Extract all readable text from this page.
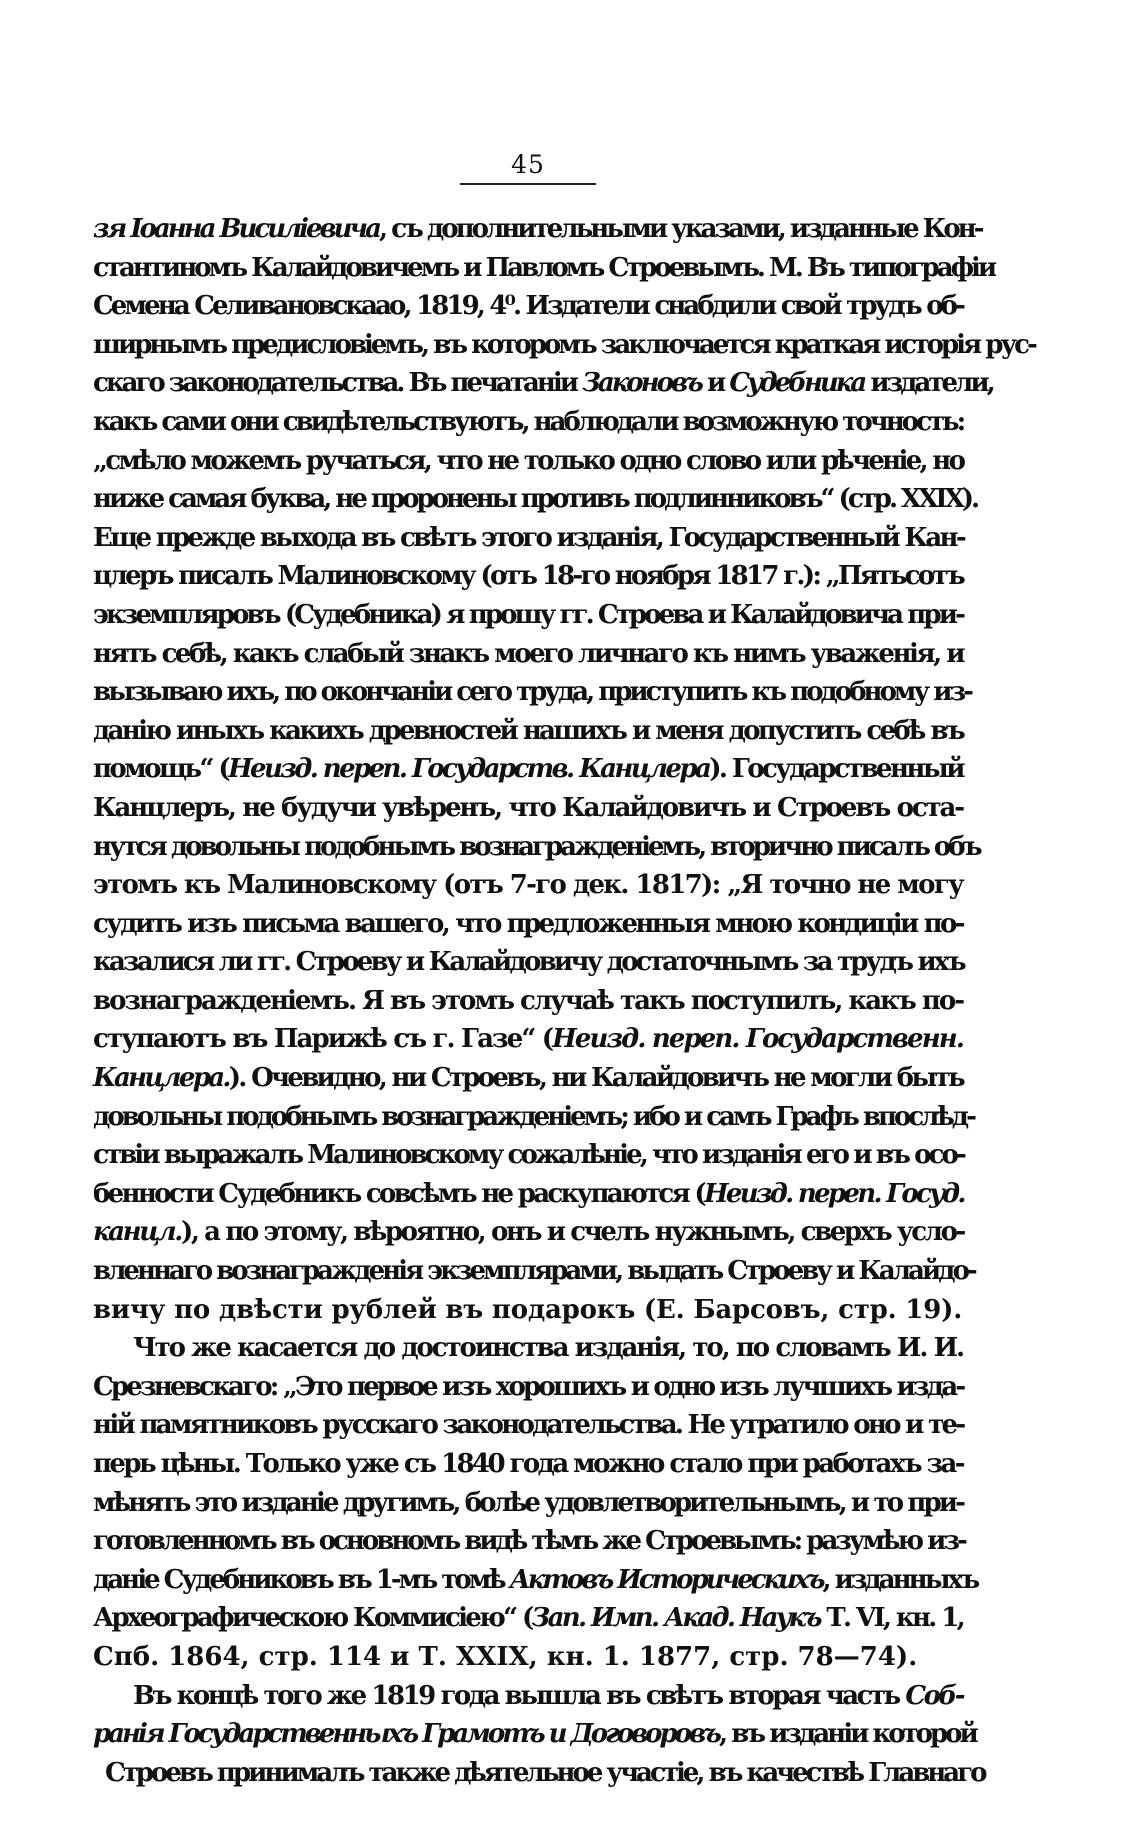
45
зя Іоанна Висиліевича, съ дополнительными указами, изданные Кон-
стантиномъ Калайдовичемъ и Павломъ Строевымъ. М. Въ типографіи
Семена Селивановскаао, 1819, 4⁰. Издатели снабдили свой трудъ об-
ширнымъ предисловіемъ, въ которомъ заключается краткая исторія рус-
скаго законодательства. Въ печатаніи Законовъ и Судебника издатели,
какъ сами они свидѣтельствуютъ, наблюдали возможную точность:
„смѣло можемъ ручаться, что не только одно слово или рѣченіе, но
ниже самая буква, не проронены противъ подлинниковъ“ (стр. XXIX).
Еще прежде выхода въ свѣтъ этого изданія, Государственный Кан-
цлеръ писалъ Малиновскому (отъ 18-го ноября 1817 г.): „Пятьсотъ
экземпляровъ (Судебника) я прошу гг. Строева и Калайдовича при-
нять себѣ, какъ слабый знакъ моего личнаго къ нимъ уваженія, и
вызываю ихъ, по окончаніи сего труда, приступить къ подобному из-
данію иныхъ какихъ древностей нашихъ и меня допустить себѣ въ
помощь“ (Неизд. переп. Государств. Канцлера). Государственный
Канцлеръ, не будучи увѣренъ, что Калайдовичъ и Строевъ оста-
нутся довольны подобнымъ вознагражденіемъ, вторично писалъ объ
этомъ къ Малиновскому (отъ 7-го дек. 1817): „Я точно не могу
судить изъ письма вашего, что предложенныя мною кондиціи по-
казалися ли гг. Строеву и Калайдовичу достаточнымъ за трудъ ихъ
вознагражденіемъ. Я въ этомъ случаѣ такъ поступилъ, какъ по-
ступаютъ въ Парижѣ съ г. Газе“ (Неизд. переп. Государственн.
Канцлера.). Очевидно, ни Строевъ, ни Калайдовичъ не могли быть
довольны подобнымъ вознагражденіемъ; ибо и самъ Графъ впослѣд-
ствіи выражалъ Малиновскому сожалѣніе, что изданія его и въ осо-
бенности Судебникъ совсѣмъ не раскупаются (Неизд. переп. Госуд.
канцл.), а по этому, вѣроятно, онъ и счелъ нужнымъ, сверхъ усло-
вленнаго вознагражденія экземплярами, выдать Строеву и Калайдо-
вичу по двѣсти рублей въ подарокъ (Е. Барсовъ, стр. 19).
Что же касается до достоинства изданія, то, по словамъ И. И.
Срезневскаго: „Это первое изъ хорошихъ и одно изъ лучшихъ изда-
ній памятниковъ русскаго законодательства. Не утратило оно и те-
перь цѣны. Только уже съ 1840 года можно стало при работахъ за-
мѣнять это изданіе другимъ, болѣе удовлетворительнымъ, и то при-
готовленномъ въ основномъ видѣ тѣмъ же Строевымъ: разумѣю из-
даніе Судебниковъ въ 1-мъ томѣ Актовъ Историческихъ, изданныхъ
Археографическою Коммисіею“ (Зап. Имп. Акад. Наукъ Т. VI, кн. 1,
Спб. 1864, стр. 114 и Т. XXIX, кн. 1. 1877, стр. 78—74).
Въ концѣ того же 1819 года вышла въ свѣтъ вторая часть Соб-
ранія Государственныхъ Грамотъ и Договоровъ, въ изданіи которой
Строевъ принималъ также дѣятельное участіе, въ качествѣ Главнаго
